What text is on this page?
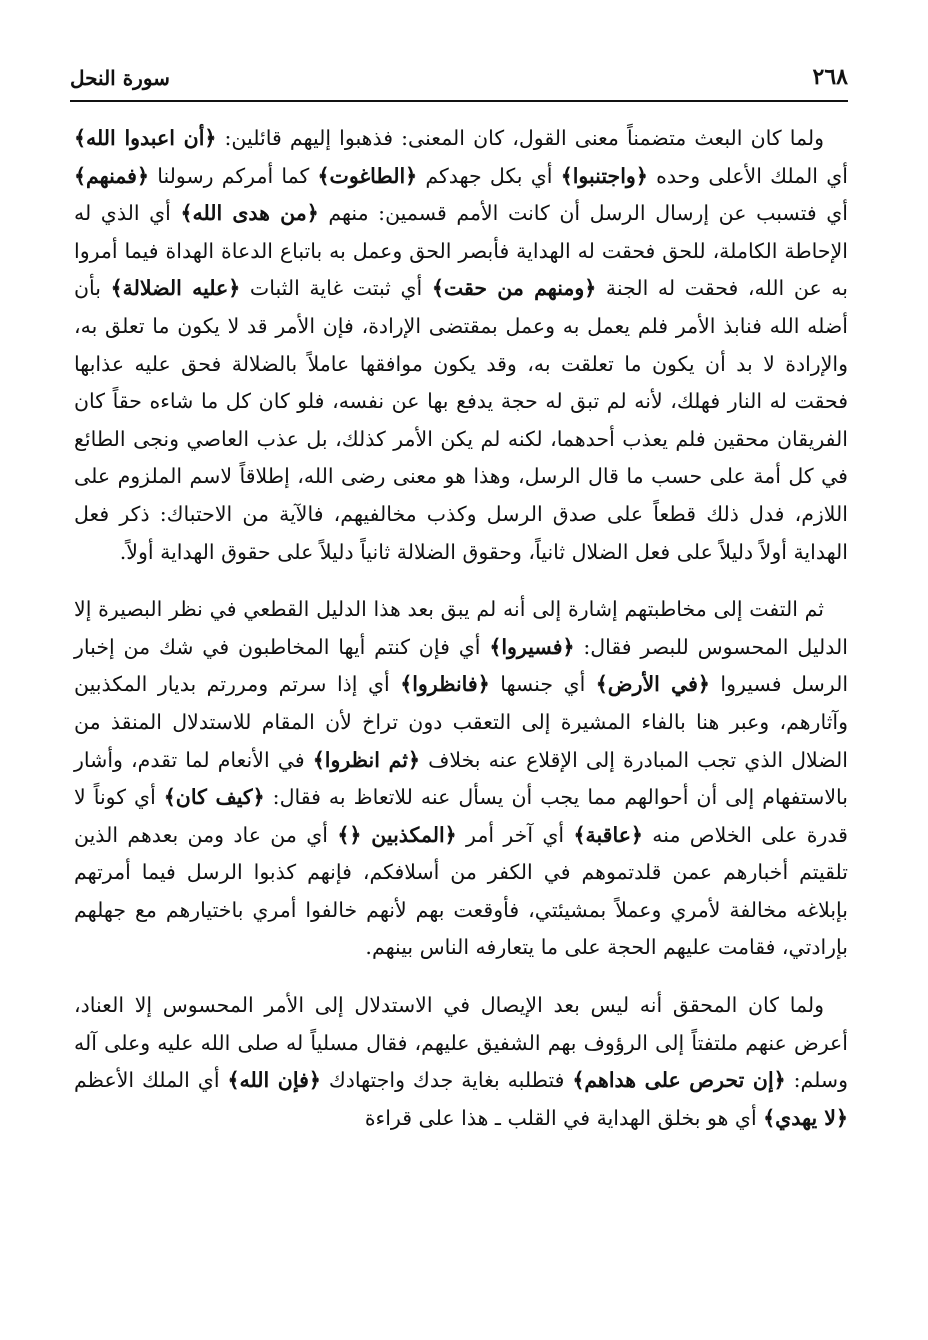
سورة النحل	٢٦٨

ولما كان البعث متضمناً معنى القول، كان المعنى: فذهبوا إليهم قائلين: ﴿أن اعبدوا الله﴾ أي الملك الأعلى وحده ﴿واجتنبوا﴾ أي بكل جهدكم ﴿الطاغوت﴾ كما أمركم رسولنا ﴿فمنهم﴾ أي فتسبب عن إرسال الرسل أن كانت الأمم قسمين: منهم ﴿من هدى الله﴾ أي الذي له الإحاطة الكاملة، للحق فحقت له الهداية فأبصر الحق وعمل به باتباع الدعاة الهداة فيما أمروا به عن الله، فحقت له الجنة ﴿ومنهم من حقت﴾ أي ثبتت غاية الثبات ﴿عليه الضلالة﴾ بأن أضله الله فنابذ الأمر فلم يعمل به وعمل بمقتضى الإرادة، فإن الأمر قد لا يكون ما تعلق به، والإرادة لا بد أن يكون ما تعلقت به، وقد يكون موافقها عاملاً بالضلالة فحق عليه عذابها فحقت له النار فهلك، لأنه لم تبق له حجة يدفع بها عن نفسه، فلو كان كل ما شاءه حقاً كان الفريقان محقين فلم يعذب أحدهما، لكنه لم يكن الأمر كذلك، بل عذب العاصي ونجى الطائع في كل أمة على حسب ما قال الرسل، وهذا هو معنى رضى الله، إطلاقاً لاسم الملزوم على اللازم، فدل ذلك قطعاً على صدق الرسل وكذب مخالفيهم، فالآية من الاحتباك: ذكر فعل الهداية أولاً دليلاً على فعل الضلال ثانياً، وحقوق الضلالة ثانياً دليلاً على حقوق الهداية أولاً.

ثم التفت إلى مخاطبتهم إشارة إلى أنه لم يبق بعد هذا الدليل القطعي في نظر البصيرة إلا الدليل المحسوس للبصر فقال: ﴿فسيروا﴾ أي فإن كنتم أيها المخاطبون في شك من إخبار الرسل فسيروا ﴿في الأرض﴾ أي جنسها ﴿فانظروا﴾ أي إذا سرتم ومررتم بديار المكذبين وآثارهم، وعبر هنا بالفاء المشيرة إلى التعقب دون تراخ لأن المقام للاستدلال المنقذ من الضلال الذي تجب المبادرة إلى الإقلاع عنه بخلاف ﴿ثم انظروا﴾ في الأنعام لما تقدم، وأشار بالاستفهام إلى أن أحوالهم مما يجب أن يسأل عنه للاتعاظ به فقال: ﴿كيف كان﴾ أي كوناً لا قدرة على الخلاص منه ﴿عاقبة﴾ أي آخر أمر ﴿المكذبين ﴿﴾ أي من عاد ومن بعدهم الذين تلقيتم أخبارهم عمن قلدتموهم في الكفر من أسلافكم، فإنهم كذبوا الرسل فيما أمرتهم بإبلاغه مخالفة لأمري وعملاً بمشيئتي، فأوقعت بهم لأنهم خالفوا أمري باختيارهم مع جهلهم بإرادتي، فقامت عليهم الحجة على ما يتعارفه الناس بينهم.

ولما كان المحقق أنه ليس بعد الإيصال في الاستدلال إلى الأمر المحسوس إلا العناد، أعرض عنهم ملتفتاً إلى الرؤوف بهم الشفيق عليهم، فقال مسلياً له صلى الله عليه وعلى آله وسلم: ﴿إن تحرص على هداهم﴾ فتطلبه بغاية جدك واجتهادك ﴿فإن الله﴾ أي الملك الأعظم ﴿لا يهدي﴾ أي هو بخلق الهداية في القلب ـ هذا على قراءة
